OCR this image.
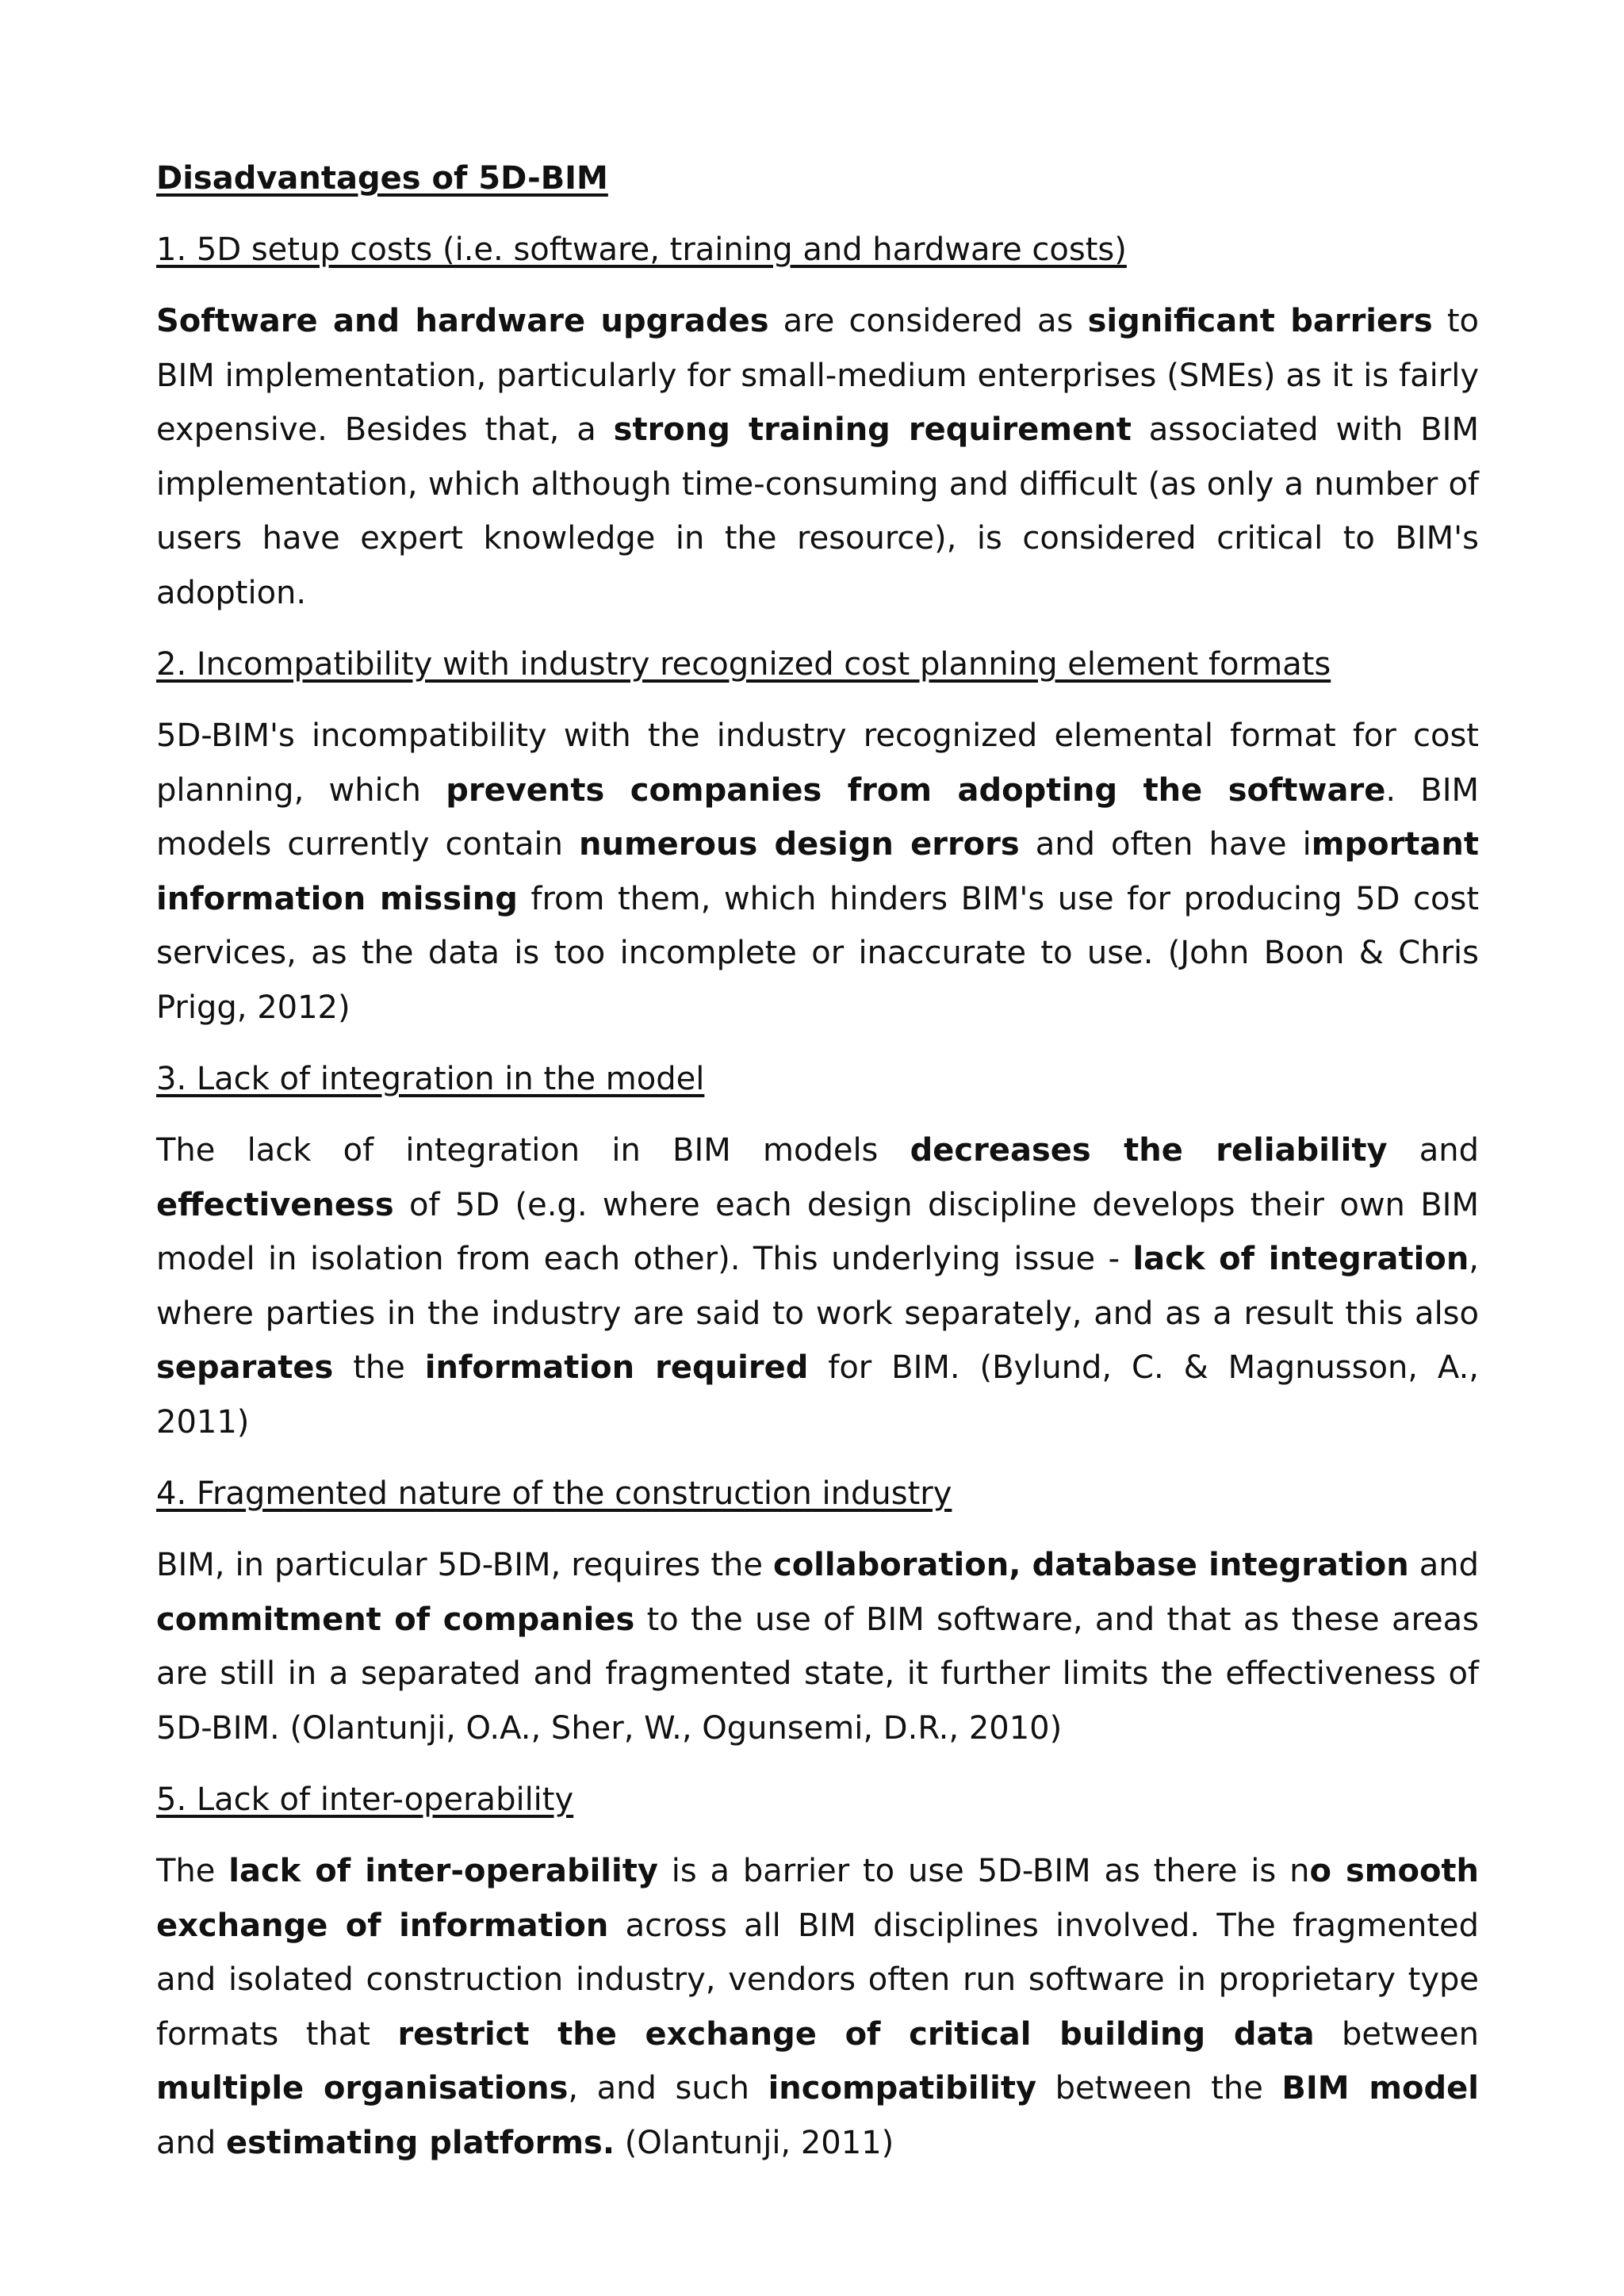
Disadvantages of 5D-BIM
1. 5D setup costs (i.e. software, training and hardware costs)

Software and hardware upgrades are considered as significant barriers to BIM implementation, particularly for small-medium enterprises (SMEs) as it is fairly expensive. Besides that, a strong training requirement associated with BIM implementation, which although time-consuming and difficult (as only a number of users have expert knowledge in the resource), is considered critical to BIM's adoption.

2. Incompatibility with industry recognized cost planning element formats

5D-BIM's incompatibility with the industry recognized elemental format for cost planning, which prevents companies from adopting the software. BIM models currently contain numerous design errors and often have important information missing from them, which hinders BIM's use for producing 5D cost services, as the data is too incomplete or inaccurate to use. (John Boon & Chris Prigg, 2012)

3. Lack of integration in the model

The lack of integration in BIM models decreases the reliability and effectiveness of 5D (e.g. where each design discipline develops their own BIM model in isolation from each other). This underlying issue - lack of integration, where parties in the industry are said to work separately, and as a result this also separates the information required for BIM. (Bylund, C. & Magnusson, A., 2011)

4. Fragmented nature of the construction industry

BIM, in particular 5D-BIM, requires the collaboration, database integration and commitment of companies to the use of BIM software, and that as these areas are still in a separated and fragmented state, it further limits the effectiveness of 5D-BIM. (Olantunji, O.A., Sher, W., Ogunsemi, D.R., 2010)

5. Lack of inter-operability

The lack of inter-operability is a barrier to use 5D-BIM as there is no smooth exchange of information across all BIM disciplines involved. The fragmented and isolated construction industry, vendors often run software in proprietary type formats that restrict the exchange of critical building data between multiple organisations, and such incompatibility between the BIM model and estimating platforms. (Olantunji, 2011)
